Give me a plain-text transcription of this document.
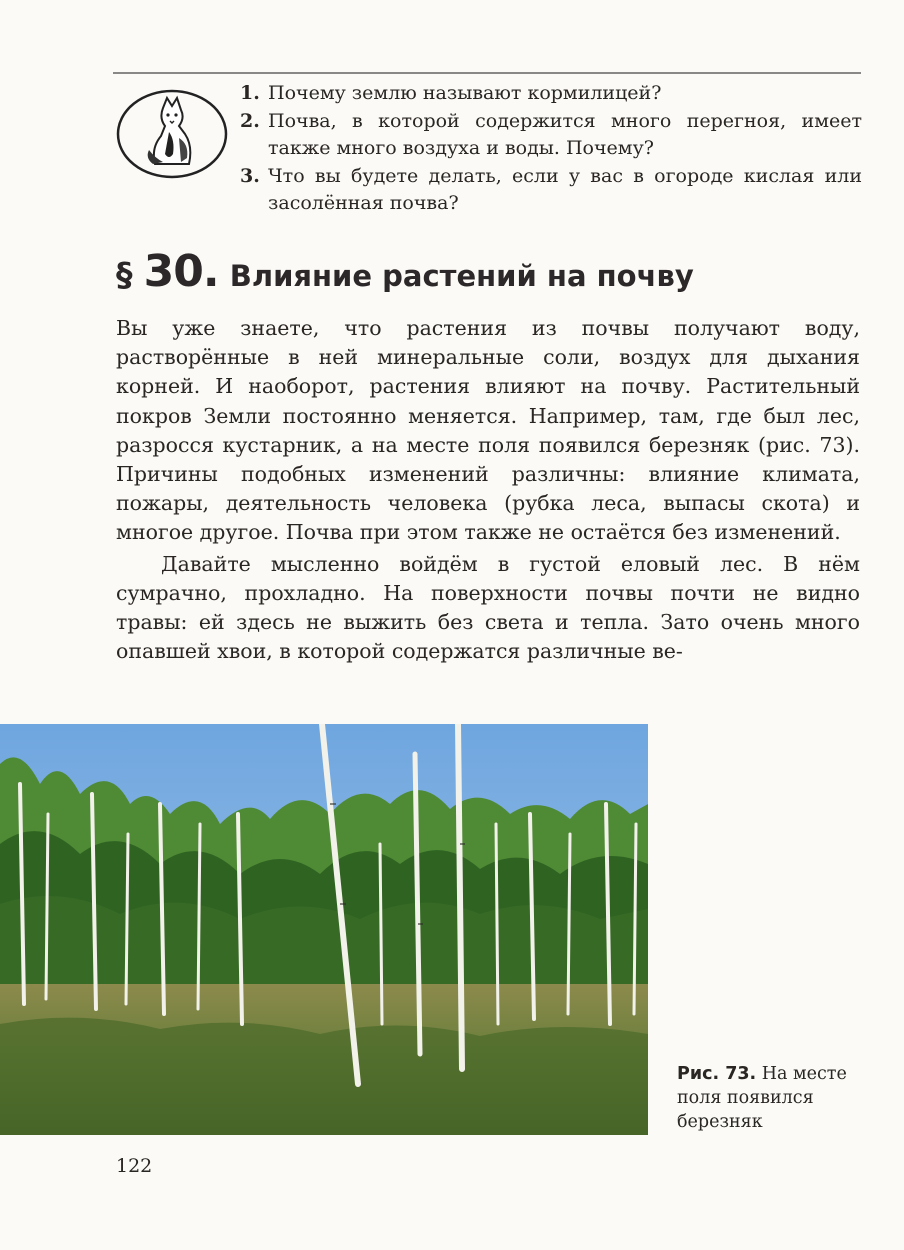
1. Почему землю называют кормилицей?
2. Почва, в которой содержится много перегноя, имеет также много воздуха и воды. Почему?
3. Что вы будете делать, если у вас в огороде кислая или засолённая почва?
§ 30. Влияние растений на почву

Вы уже знаете, что растения из почвы получают воду, растворённые в ней минеральные соли, воздух для дыхания корней. И наоборот, растения влияют на почву. Растительный покров Земли постоянно меняется. Например, там, где был лес, разросся кустарник, а на месте поля появился березняк (рис. 73). Причины подобных изменений различны: влияние климата, пожары, деятельность человека (рубка леса, выпасы скота) и многое другое. Почва при этом также не остаётся без изменений.

Давайте мысленно войдём в густой еловый лес. В нём сумрачно, прохладно. На поверхности почвы почти не видно травы: ей здесь не выжить без света и тепла. Зато очень много опавшей хвои, в которой содержатся различные ве-

Рис. 73. На месте поля появился березняк
122
